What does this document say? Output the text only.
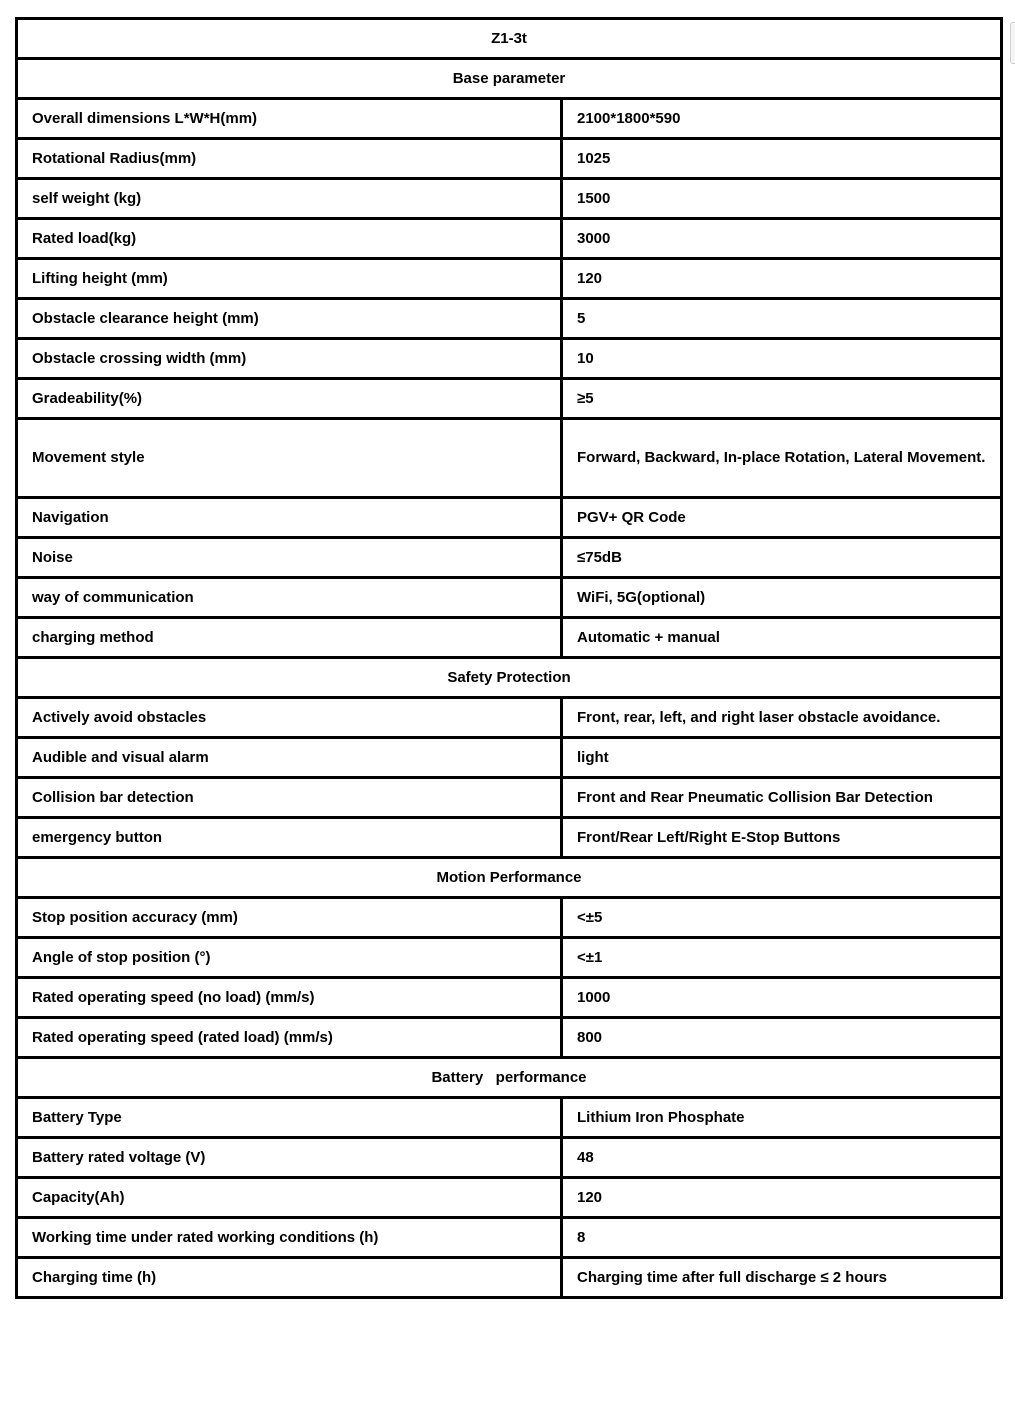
Z1-3t	
Base parameter	
Overall dimensions L*W*H(mm)	2100*1800*590
Rotational Radius(mm)	1025
self weight (kg)	1500
Rated load(kg)	3000
Lifting height (mm)	120
Obstacle clearance height (mm)	5
Obstacle crossing width (mm)	10
Gradeability(%)	≥5
Movement style	Forward, Backward, In-place Rotation, Lateral Movement.
Navigation	PGV+ QR Code
Noise	≤75dB
way of communication	WiFi, 5G(optional)
charging method	Automatic + manual
Safety Protection	
Actively avoid obstacles	Front, rear, left, and right laser obstacle avoidance.
Audible and visual alarm	light
Collision bar detection	Front and Rear Pneumatic Collision Bar Detection
emergency button	Front/Rear Left/Right E-Stop Buttons
Motion Performance	
Stop position accuracy (mm)	<±5
Angle of stop position (°)	<±1
Rated operating speed (no load) (mm/s)	1000
Rated operating speed (rated load) (mm/s)	800
Battery   performance	
Battery Type	Lithium Iron Phosphate
Battery rated voltage (V)	48
Capacity(Ah)	120
Working time under rated working conditions (h)	8
Charging time (h)	Charging time after full discharge ≤ 2 hours
